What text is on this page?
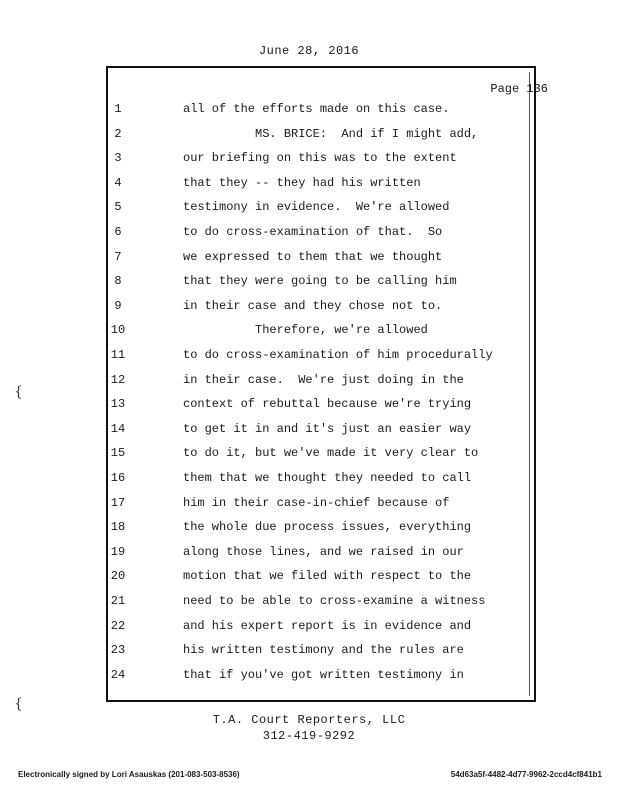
June 28, 2016
Page 136
1	all of the efforts made on this case.
2	MS. BRICE:  And if I might add,
3	our briefing on this was to the extent
4	that they -- they had his written
5	testimony in evidence.  We're allowed
6	to do cross-examination of that.  So
7	we expressed to them that we thought
8	that they were going to be calling him
9	in their case and they chose not to.
10	Therefore, we're allowed
11	to do cross-examination of him procedurally
12	in their case.  We're just doing in the
13	context of rebuttal because we're trying
14	to get it in and it's just an easier way
15	to do it, but we've made it very clear to
16	them that we thought they needed to call
17	him in their case-in-chief because of
18	the whole due process issues, everything
19	along those lines, and we raised in our
20	motion that we filed with respect to the
21	need to be able to cross-examine a witness
22	and his expert report is in evidence and
23	his written testimony and the rules are
24	that if you've got written testimony in
{
{
T.A. Court Reporters, LLC
312-419-9292
Electronically signed by Lori Asauskas (201-083-503-8536)	54d63a5f-4482-4d77-9962-2ccd4cf841b1
